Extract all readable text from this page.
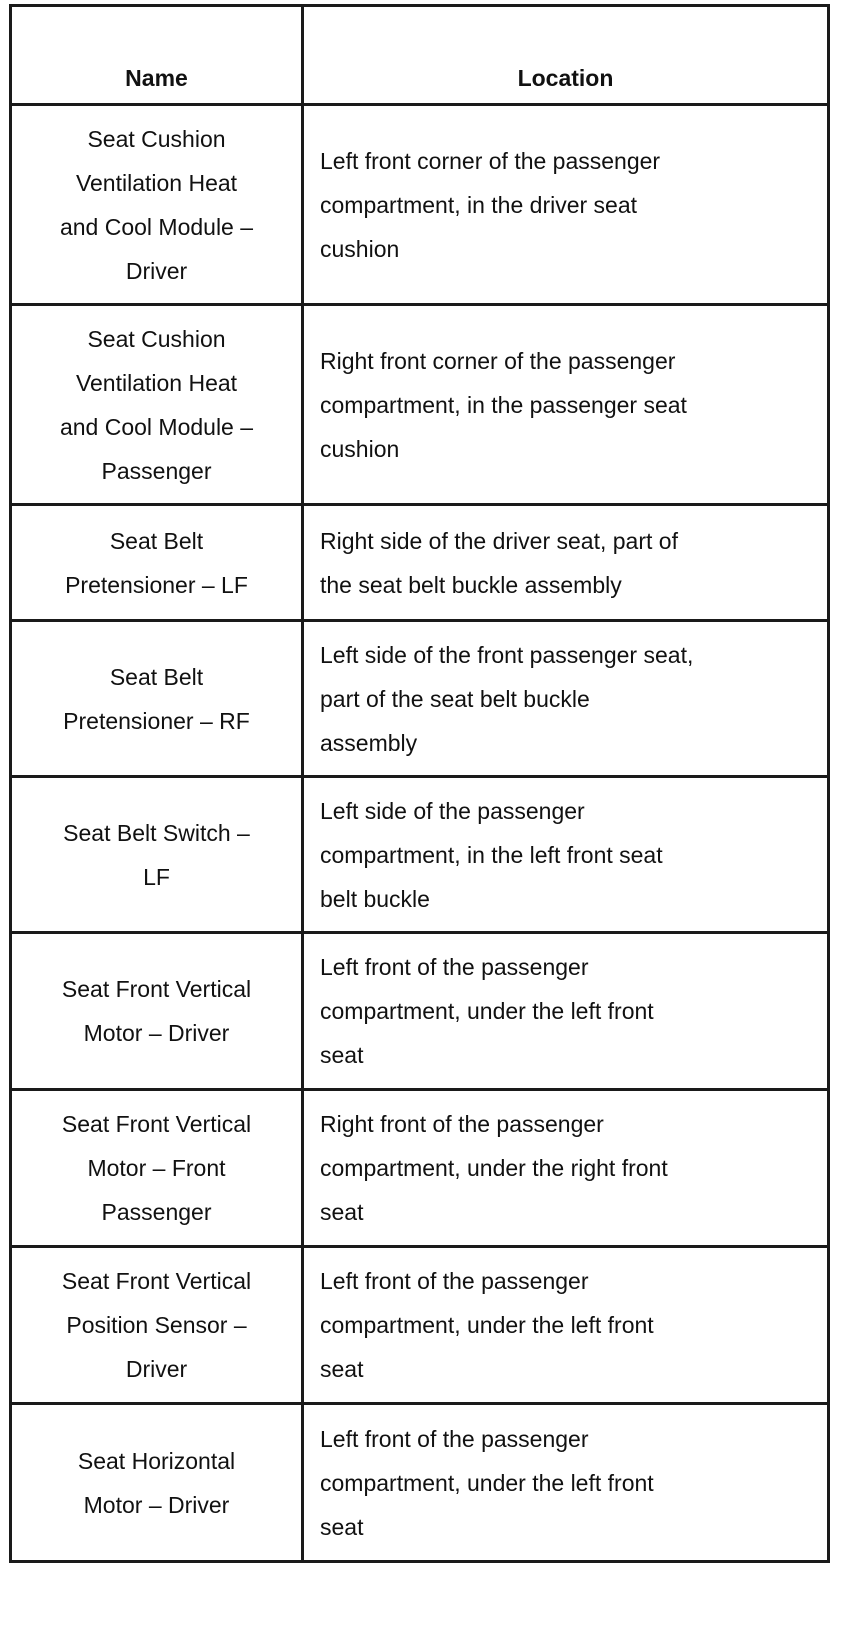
Name	Location

Seat Cushion
Ventilation Heat
and Cool Module –
Driver	Left front corner of the passenger
compartment, in the driver seat
cushion

Seat Cushion
Ventilation Heat
and Cool Module –
Passenger	Right front corner of the passenger
compartment, in the passenger seat
cushion

Seat Belt
Pretensioner – LF	Right side of the driver seat, part of
the seat belt buckle assembly

Seat Belt
Pretensioner – RF	Left side of the front passenger seat,
part of the seat belt buckle
assembly

Seat Belt Switch –
LF	Left side of the passenger
compartment, in the left front seat
belt buckle

Seat Front Vertical
Motor – Driver	Left front of the passenger
compartment, under the left front
seat

Seat Front Vertical
Motor – Front
Passenger	Right front of the passenger
compartment, under the right front
seat

Seat Front Vertical
Position Sensor –
Driver	Left front of the passenger
compartment, under the left front
seat

Seat Horizontal
Motor – Driver	Left front of the passenger
compartment, under the left front
seat
